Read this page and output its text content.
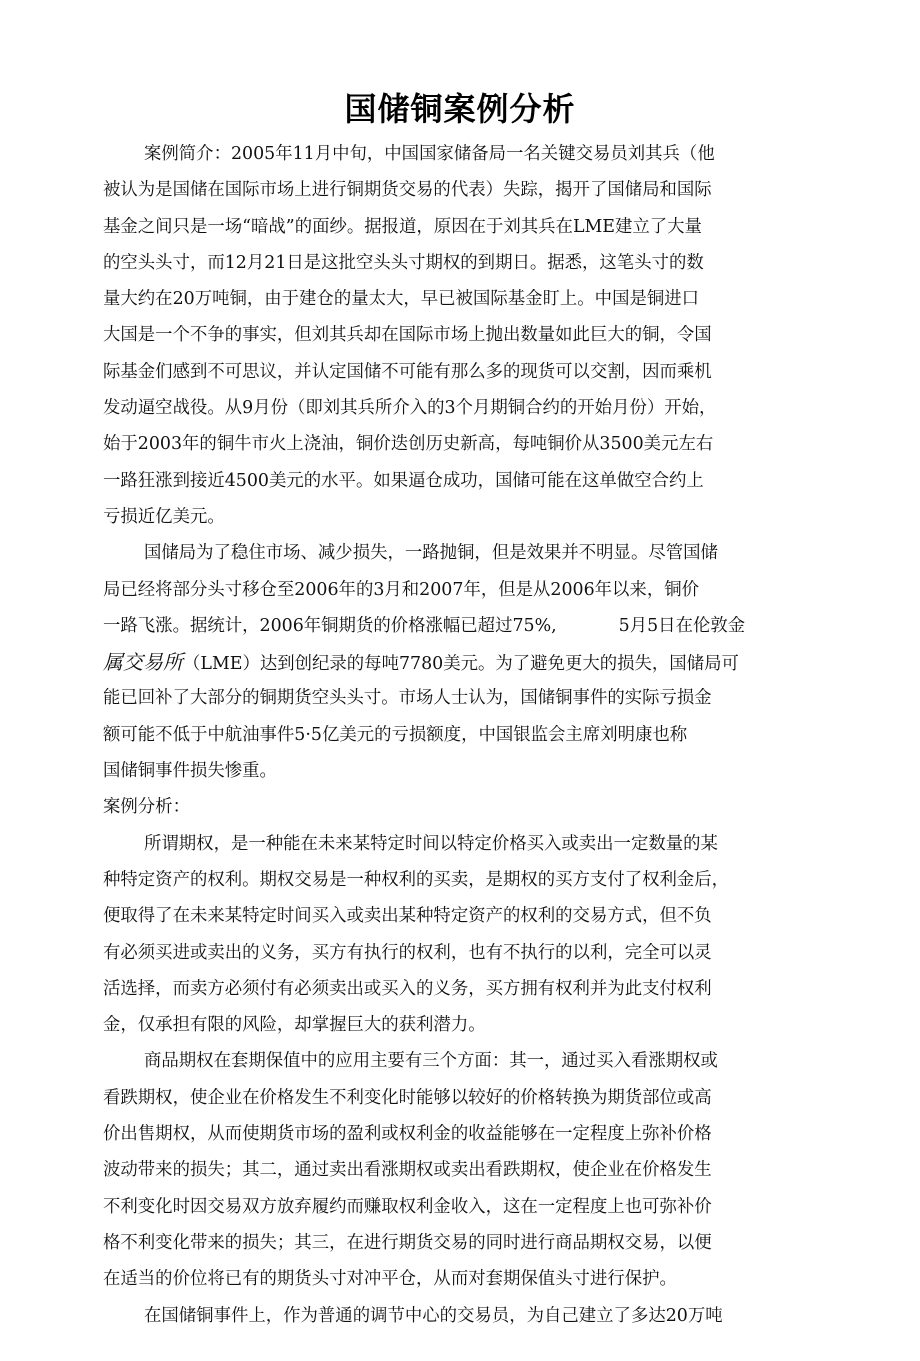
国储铜案例分析
案例简介：2005年11月中旬，中国国家储备局一名关键交易员刘其兵（他
被认为是国储在国际市场上进行铜期货交易的代表）失踪，揭开了国储局和国际
基金之间只是一场“暗战”的面纱。据报道，原因在于刘其兵在LME建立了大量
的空头头寸，而12月21日是这批空头头寸期权的到期日。据悉，这笔头寸的数
量大约在20万吨铜，由于建仓的量太大，早已被国际基金盯上。中国是铜进口
大国是一个不争的事实，但刘其兵却在国际市场上抛出数量如此巨大的铜，令国
际基金们感到不可思议，并认定国储不可能有那么多的现货可以交割，因而乘机
发动逼空战役。从9月份（即刘其兵所介入的3个月期铜合约的开始月份）开始，
始于2003年的铜牛市火上浇油，铜价迭创历史新高，每吨铜价从3500美元左右
一路狂涨到接近4500美元的水平。如果逼仓成功，国储可能在这单做空合约上
亏损近亿美元。
国储局为了稳住市场、减少损失，一路抛铜，但是效果并不明显。尽管国储
局已经将部分头寸移仓至2006年的3月和2007年，但是从2006年以来，铜价
一路飞涨。据统计，2006年铜期货的价格涨幅已超过75%,	5月5日在伦敦金
属交易所（LME）达到创纪录的每吨7780美元。为了避免更大的损失，国储局可
能已回补了大部分的铜期货空头头寸。市场人士认为，国储铜事件的实际亏损金
额可能不低于中航油事件5·5亿美元的亏损额度，中国银监会主席刘明康也称
国储铜事件损失惨重。
案例分析：
所谓期权，是一种能在未来某特定时间以特定价格买入或卖出一定数量的某
种特定资产的权利。期权交易是一种权利的买卖，是期权的买方支付了权利金后，
便取得了在未来某特定时间买入或卖出某种特定资产的权利的交易方式，但不负
有必须买进或卖出的义务，买方有执行的权利，也有不执行的以利，完全可以灵
活选择，而卖方必须付有必须卖出或买入的义务，买方拥有权利并为此支付权利
金，仅承担有限的风险，却掌握巨大的获利潜力。
商品期权在套期保值中的应用主要有三个方面：其一，通过买入看涨期权或
看跌期权，使企业在价格发生不利变化时能够以较好的价格转换为期货部位或高
价出售期权，从而使期货市场的盈利或权利金的收益能够在一定程度上弥补价格
波动带来的损失；其二，通过卖出看涨期权或卖出看跌期权，使企业在价格发生
不利变化时因交易双方放弃履约而赚取权利金收入，这在一定程度上也可弥补价
格不利变化带来的损失；其三，在进行期货交易的同时进行商品期权交易，以便
在适当的价位将已有的期货头寸对冲平仓，从而对套期保值头寸进行保护。
在国储铜事件上，作为普通的调节中心的交易员，为自己建立了多达20万吨
